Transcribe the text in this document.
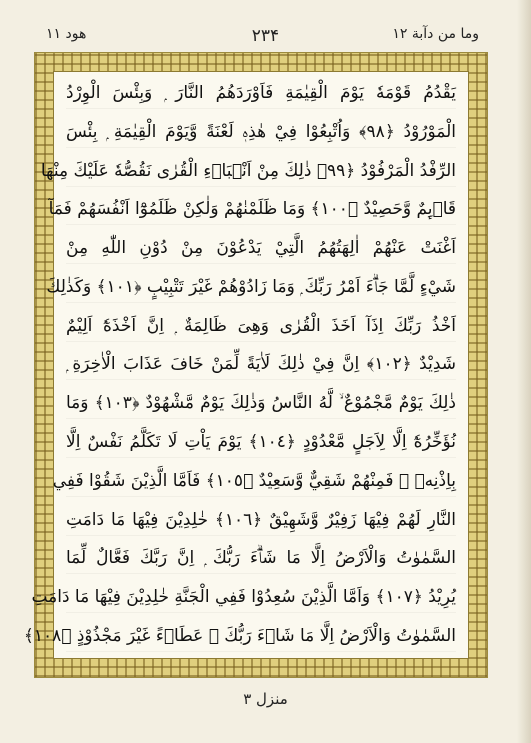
هود ۱۱	۲۳۴	وما من دآبة ۱۲
يَقْدُمُ قَوْمَهٗ يَوْمَ الْقِيٰمَةِ فَاَوْرَدَهُمُ النَّارَ ۭ وَبِئْسَ الْوِرْدُ
الْمَوْرُوْدُ ﴿٩٨﴾ وَاُتْبِعُوْا فِيْ هٰذِهٖ لَعْنَةً وَّيَوْمَ الْقِيٰمَةِ ۭ بِئْسَ
الرِّفْدُ الْمَرْفُوْدُ ﴿٩٩﴾ ذٰلِكَ مِنْ اَنْۢبَاۗءِ الْقُرٰى نَقُصُّهٗ عَلَيْكَ مِنْهَا
قَاۗىِٕمٌ وَّحَصِيْدٌ ﴿١٠٠﴾ وَمَا ظَلَمْنٰهُمْ وَلٰكِنْ ظَلَمُوْٓا اَنْفُسَهُمْ فَمَآ
اَغْنَتْ عَنْهُمْ اٰلِهَتُهُمُ الَّتِيْ يَدْعُوْنَ مِنْ دُوْنِ اللّٰهِ مِنْ
شَيْءٍ لَّمَّا جَاۗءَ اَمْرُ رَبِّكَ ۭ وَمَا زَادُوْهُمْ غَيْرَ تَتْبِيْبٍ ﴿١٠١﴾ وَكَذٰلِكَ
اَخْذُ رَبِّكَ اِذَآ اَخَذَ الْقُرٰى وَهِىَ ظَالِمَةٌ ۭ اِنَّ اَخْذَهٗٓ اَلِيْمٌ
شَدِيْدٌ ﴿١٠٢﴾ اِنَّ فِيْ ذٰلِكَ لَاٰيَةً لِّمَنْ خَافَ عَذَابَ الْاٰخِرَةِ ۭ
ذٰلِكَ يَوْمٌ مَّجْمُوْعٌ ۙ لَّهُ النَّاسُ وَذٰلِكَ يَوْمٌ مَّشْهُوْدٌ ﴿١٠٣﴾ وَمَا
نُؤَخِّرُهٗٓ اِلَّا لِاَجَلٍ مَّعْدُوْدٍ ﴿١٠٤﴾ يَوْمَ يَاْتِ لَا تَكَلَّمُ نَفْسٌ اِلَّا
بِاِذْنِهٖ ۚ فَمِنْهُمْ شَقِيٌّ وَّسَعِيْدٌ ﴿١٠٥﴾ فَاَمَّا الَّذِيْنَ شَقُوْا فَفِي
النَّارِ لَهُمْ فِيْهَا زَفِيْرٌ وَّشَهِيْقٌ ﴿١٠٦﴾ خٰلِدِيْنَ فِيْهَا مَا دَامَتِ
السَّمٰوٰتُ وَالْاَرْضُ اِلَّا مَا شَاۗءَ رَبُّكَ ۭ اِنَّ رَبَّكَ فَعَّالٌ لِّمَا
يُرِيْدُ ﴿١٠٧﴾ وَاَمَّا الَّذِيْنَ سُعِدُوْا فَفِي الْجَنَّةِ خٰلِدِيْنَ فِيْهَا مَا دَامَتِ
السَّمٰوٰتُ وَالْاَرْضُ اِلَّا مَا شَاۗءَ رَبُّكَ ۭ عَطَاۗءً غَيْرَ مَجْذُوْذٍ ﴿١٠٨﴾
منزل ۳
